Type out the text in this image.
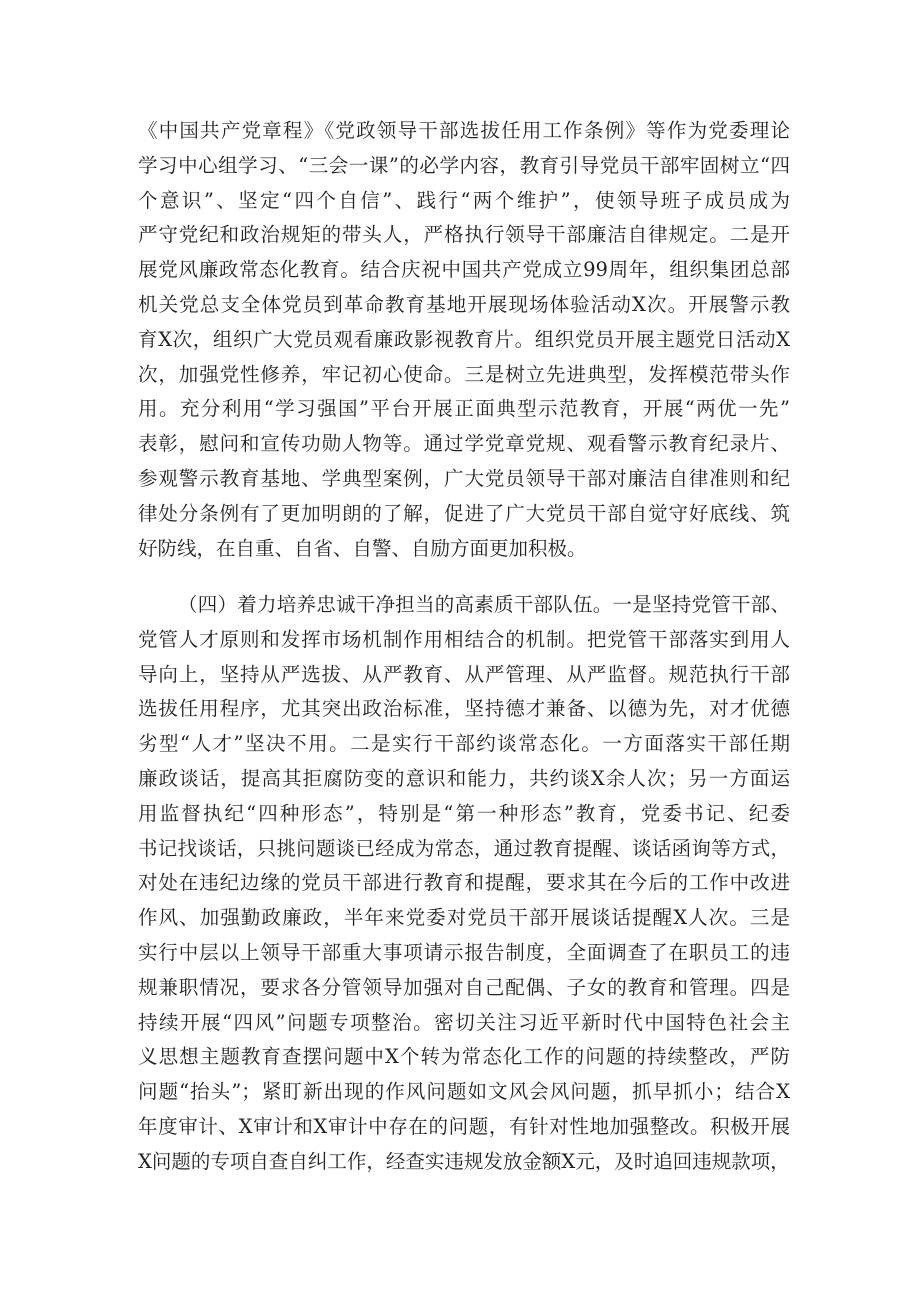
《中国共产党章程》《党政领导干部选拔任用工作条例》等作为党委理论
学习中心组学习、“三会一课”的必学内容，教育引导党员干部牢固树立“四
个意识”、坚定“四个自信”、践行“两个维护”，使领导班子成员成为
严守党纪和政治规矩的带头人，严格执行领导干部廉洁自律规定。二是开
展党风廉政常态化教育。结合庆祝中国共产党成立99周年，组织集团总部
机关党总支全体党员到革命教育基地开展现场体验活动X次。开展警示教
育X次，组织广大党员观看廉政影视教育片。组织党员开展主题党日活动X
次，加强党性修养，牢记初心使命。三是树立先进典型，发挥模范带头作
用。充分利用“学习强国”平台开展正面典型示范教育，开展“两优一先”
表彰，慰问和宣传功勋人物等。通过学党章党规、观看警示教育纪录片、
参观警示教育基地、学典型案例，广大党员领导干部对廉洁自律准则和纪
律处分条例有了更加明朗的了解，促进了广大党员干部自觉守好底线、筑
好防线，在自重、自省、自警、自励方面更加积极。
（四）着力培养忠诚干净担当的高素质干部队伍。一是坚持党管干部、
党管人才原则和发挥市场机制作用相结合的机制。把党管干部落实到用人
导向上，坚持从严选拔、从严教育、从严管理、从严监督。规范执行干部
选拔任用程序，尤其突出政治标准，坚持德才兼备、以德为先，对才优德
劣型“人才”坚决不用。二是实行干部约谈常态化。一方面落实干部任期
廉政谈话，提高其拒腐防变的意识和能力，共约谈X余人次；另一方面运
用监督执纪“四种形态”，特别是“第一种形态”教育，党委书记、纪委
书记找谈话，只挑问题谈已经成为常态，通过教育提醒、谈话函询等方式，
对处在违纪边缘的党员干部进行教育和提醒，要求其在今后的工作中改进
作风、加强勤政廉政，半年来党委对党员干部开展谈话提醒X人次。三是
实行中层以上领导干部重大事项请示报告制度，全面调查了在职员工的违
规兼职情况，要求各分管领导加强对自己配偶、子女的教育和管理。四是
持续开展“四风”问题专项整治。密切关注习近平新时代中国特色社会主
义思想主题教育查摆问题中X个转为常态化工作的问题的持续整改，严防
问题“抬头”；紧盯新出现的作风问题如文风会风问题，抓早抓小；结合X
年度审计、X审计和X审计中存在的问题，有针对性地加强整改。积极开展
X问题的专项自查自纠工作，经查实违规发放金额X元，及时追回违规款项，
